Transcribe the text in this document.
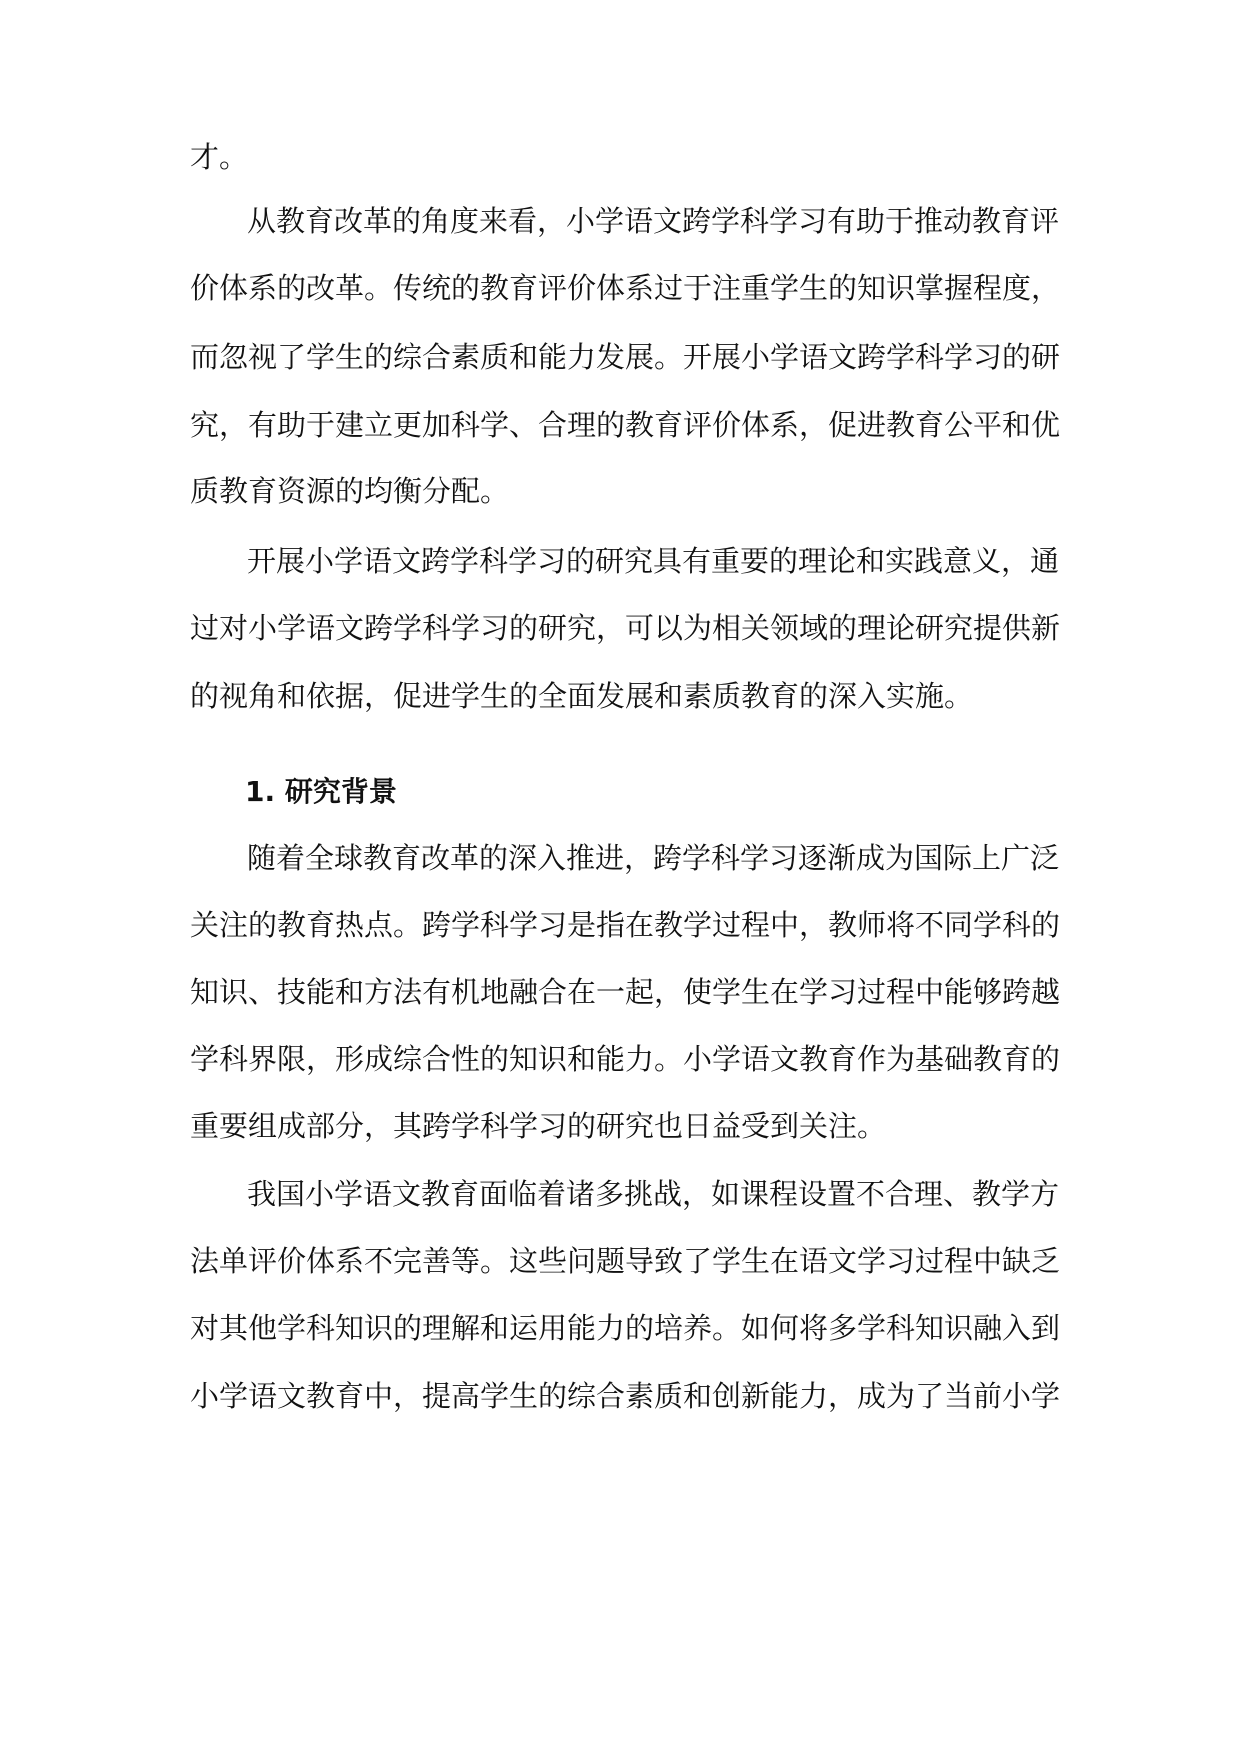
才。

从教育改革的角度来看，小学语文跨学科学习有助于推动教育评

价体系的改革。传统的教育评价体系过于注重学生的知识掌握程度，

而忽视了学生的综合素质和能力发展。开展小学语文跨学科学习的研

究，有助于建立更加科学、合理的教育评价体系，促进教育公平和优

质教育资源的均衡分配。

开展小学语文跨学科学习的研究具有重要的理论和实践意义，通

过对小学语文跨学科学习的研究，可以为相关领域的理论研究提供新

的视角和依据，促进学生的全面发展和素质教育的深入实施。

1. 研究背景

随着全球教育改革的深入推进，跨学科学习逐渐成为国际上广泛

关注的教育热点。跨学科学习是指在教学过程中，教师将不同学科的

知识、技能和方法有机地融合在一起，使学生在学习过程中能够跨越

学科界限，形成综合性的知识和能力。小学语文教育作为基础教育的

重要组成部分，其跨学科学习的研究也日益受到关注。

我国小学语文教育面临着诸多挑战，如课程设置不合理、教学方

法单评价体系不完善等。这些问题导致了学生在语文学习过程中缺乏

对其他学科知识的理解和运用能力的培养。如何将多学科知识融入到

小学语文教育中，提高学生的综合素质和创新能力，成为了当前小学
